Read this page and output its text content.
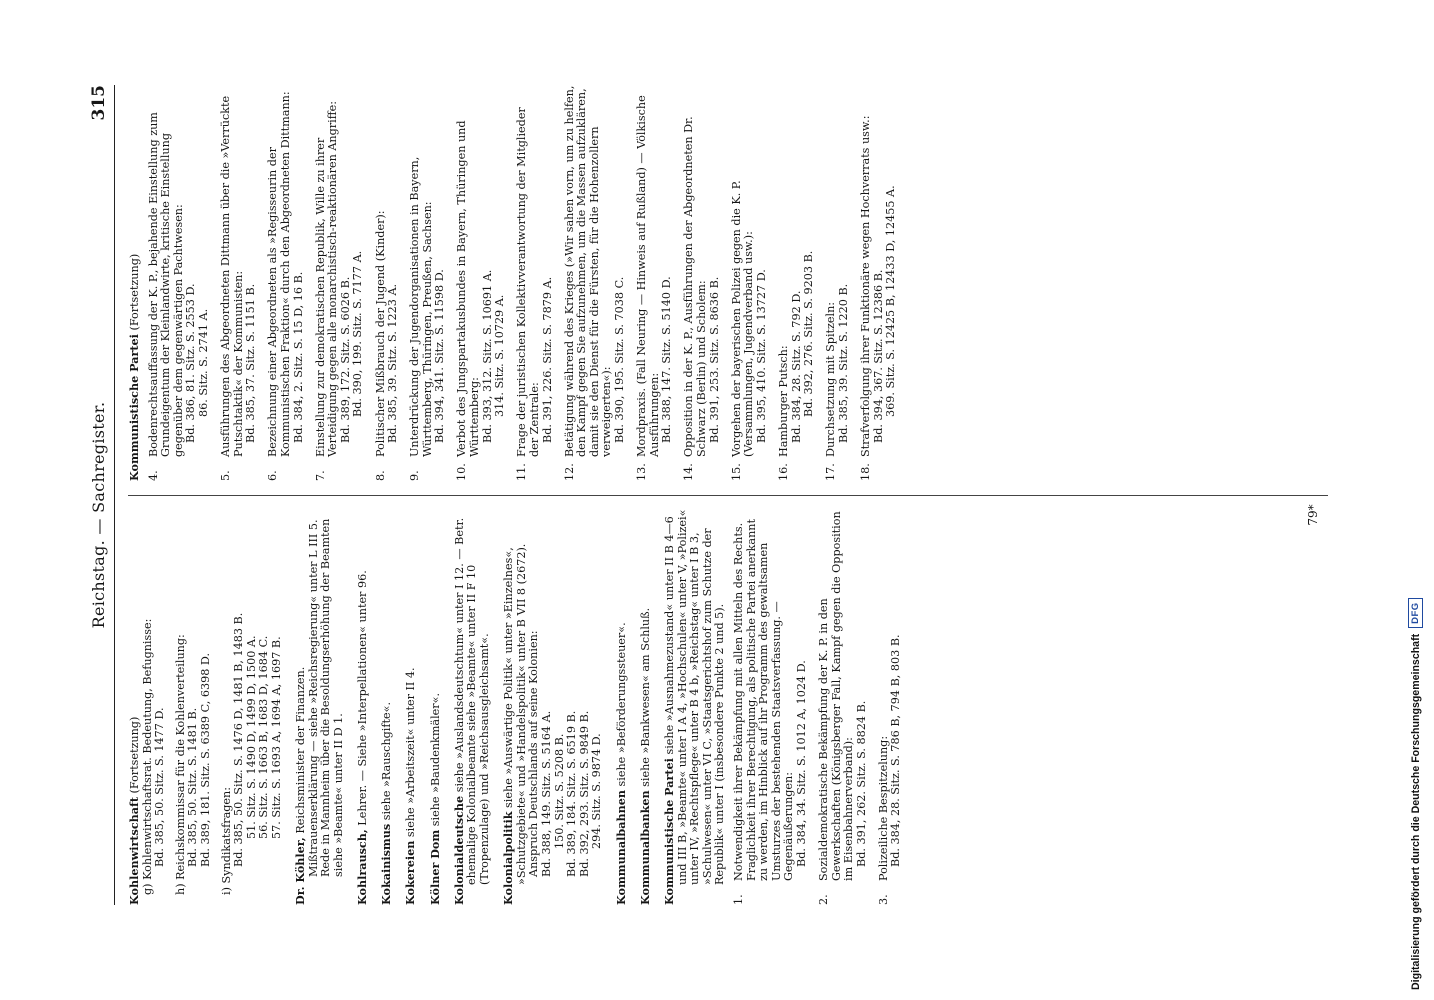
Reichstag. — Sachregister.
315
Kohlenwirtschaft (Fortsetzung) g) Kohlenwirtschaftsrat. Bedeutung, Befugnisse: Bd. 385, 50. Sitz. S. 1477 D. h) Reichskommissar für die Kohlenverteilung: Bd. 385, 50. Sitz. S. 1481 B. Bd. 389, 181. Sitz. S. 6389 C, 6398 D. i) Syndikatsfragen: Bd. 385, 50. Sitz. S. 1476 D, 1481 B, 1483 B. 51. Sitz. S. 1490 D, 1499 D, 1500 A. 56. Sitz. S. 1663 B, 1683 D, 1684 C. 57. Sitz. S. 1693 A, 1694 A, 1697 B.
Dr. Köhler, Reichsminister der Finanzen. Mißtrauenserklärung — siehe »Reichsregierung« unter L III 5. Rede in Mannheim über die Besoldungserhöhung der Beamten siehe »Beamte« unter II D 1. Kohlrausch, Lehrer. — Siehe »Interpellationen« unter 96.
Kokainismus siehe »Rauschgifte«.
Kokereien siehe »Arbeitszeit« unter II 4.
Kölner Dom siehe »Baudenkmäler«.
Kolonialdeutsche siehe »Auslandsdeutschtum« unter I 12. — Betr. ehemalige Kolonialbeamte siehe »Beamte« unter II F 10 (Tropenzulage) und »Reichsausgleichsamt«. Kolonialpolitik siehe »Auswärtige Politik« unter »Einzelnes«, »Schutzgebiete« und »Handelspolitik« unter B VII 8 (2672). Anspruch Deutschlands auf seine Kolonien: Bd. 388, 149. Sitz. S. 5164 A. 150. Sitz. S. 5208 B. Bd. 389, 184. Sitz. S. 6519 B. Bd. 392, 293. Sitz. S. 9849 B. 294. Sitz. S. 9874 D. Kommunalbahnen siehe »Beförderungssteuer«.
Kommunalbanken siehe »Bankwesen« am Schluß.
Kommunistische Partei siehe »Ausnahmezustand« unter II B 4—6 und III B, »Beamte« unter I A 4, »Hochschulen« unter V, »Polizei« unter IV, »Rechtspflege« unter B 4 b, »Reichstag« unter I B 3, »Schulwesen« unter VI C, »Staatsgerichtshof zum Schutze der Republik« unter I (insbesondere Punkte 2 und 5).
1.
Notwendigkeit ihrer Bekämpfung mit allen Mitteln des Rechts. Fraglichkeit ihrer Berechtigung, als politische Partei anerkannt zu werden, im Hinblick auf ihr Programm des gewaltsamen Umsturzes der bestehenden Staatsverfassung. — Gegenäußerungen: Bd. 384, 34. Sitz. S. 1012 A, 1024 D.
2.
Sozialdemokratische Bekämpfung der K. P. in den Gewerkschaften (Königsberger Fall, Kampf gegen die Opposition im Eisenbahnerverband): Bd. 391, 262. Sitz. S. 8824 B.
3.
Polizeiliche Bespitzelung: Bd. 384, 28. Sitz. S. 786 B, 794 B, 803 B.
Kommunistische Partei (Fortsetzung)
4.
Bodenrechtsauffassung der K. P., bejahende Einstellung zum Grundeigentum der Kleinlandwirte, kritische Einstellung gegenüber dem gegenwärtigen Pachtwesen: Bd. 386, 81. Sitz. S. 2553 D. 86. Sitz. S. 2741 A.
5.
Ausführungen des Abgeordneten Dittmann über die »Verrückte Putschtaktik« der Kommunisten: Bd. 385, 37. Sitz. S. 1151 B.
6.
Bezeichnung einer Abgeordneten als »Regisseurin der Kommunistischen Fraktion« durch den Abgeordneten Dittmann: Bd. 384, 2. Sitz. S. 15 D, 16 B.
7.
Einstellung zur demokratischen Republik, Wille zu ihrer Verteidigung gegen alle monarchistisch-reaktionären Angriffe: Bd. 389, 172. Sitz. S. 6026 B. Bd. 390, 199. Sitz. S. 7177 A.
8.
Politischer Mißbrauch der Jugend (Kinder): Bd. 385, 39. Sitz. S. 1223 A.
9.
Unterdrückung der Jugendorganisationen in Bayern, Württemberg, Thüringen, Preußen, Sachsen: Bd. 394, 341. Sitz. S. 11598 D.
10.
Verbot des Jungspartakusbundes in Bayern, Thüringen und Württemberg: Bd. 393, 312. Sitz. S. 10691 A. 314. Sitz. S. 10729 A.
11.
Frage der juristischen Kollektivverantwortung der Mitglieder der Zentrale: Bd. 391, 226. Sitz. S. 7879 A.
12.
Betätigung während des Krieges (»Wir sahen vorn, um zu helfen, den Kampf gegen Sie aufzunehmen, um die Massen aufzuklären, damit sie den Dienst für die Fürsten, für die Hohenzollern verweigerten«): Bd. 390, 195. Sitz. S. 7038 C.
13.
Mordpraxis. (Fall Neuring — Hinweis auf Rußland) — Völkische Ausführungen: Bd. 388, 147. Sitz. S. 5140 D.
14.
Opposition in der K. P., Ausführungen der Abgeordneten Dr. Schwarz (Berlin) und Scholem: Bd. 391, 253. Sitz. S. 8636 B.
15.
Vorgehen der bayerischen Polizei gegen die K. P. (Versammlungen, Jugendverband usw.): Bd. 395, 410. Sitz. S. 13727 D.
16.
Hamburger Putsch: Bd. 384, 28. Sitz. S. 792 D. Bd. 392, 276. Sitz. S. 9203 B.
17.
Durchsetzung mit Spitzeln: Bd. 385, 39. Sitz. S. 1220 B.
18.
Strafverfolgung ihrer Funktionäre wegen Hochverrats usw.: Bd. 394, 367. Sitz. S. 12386 B. 369. Sitz. S. 12425 B, 12433 D, 12455 A.
79*
Digitalisierung gefördert durch die Deutsche Forschungsgemeinschaft
DFG
